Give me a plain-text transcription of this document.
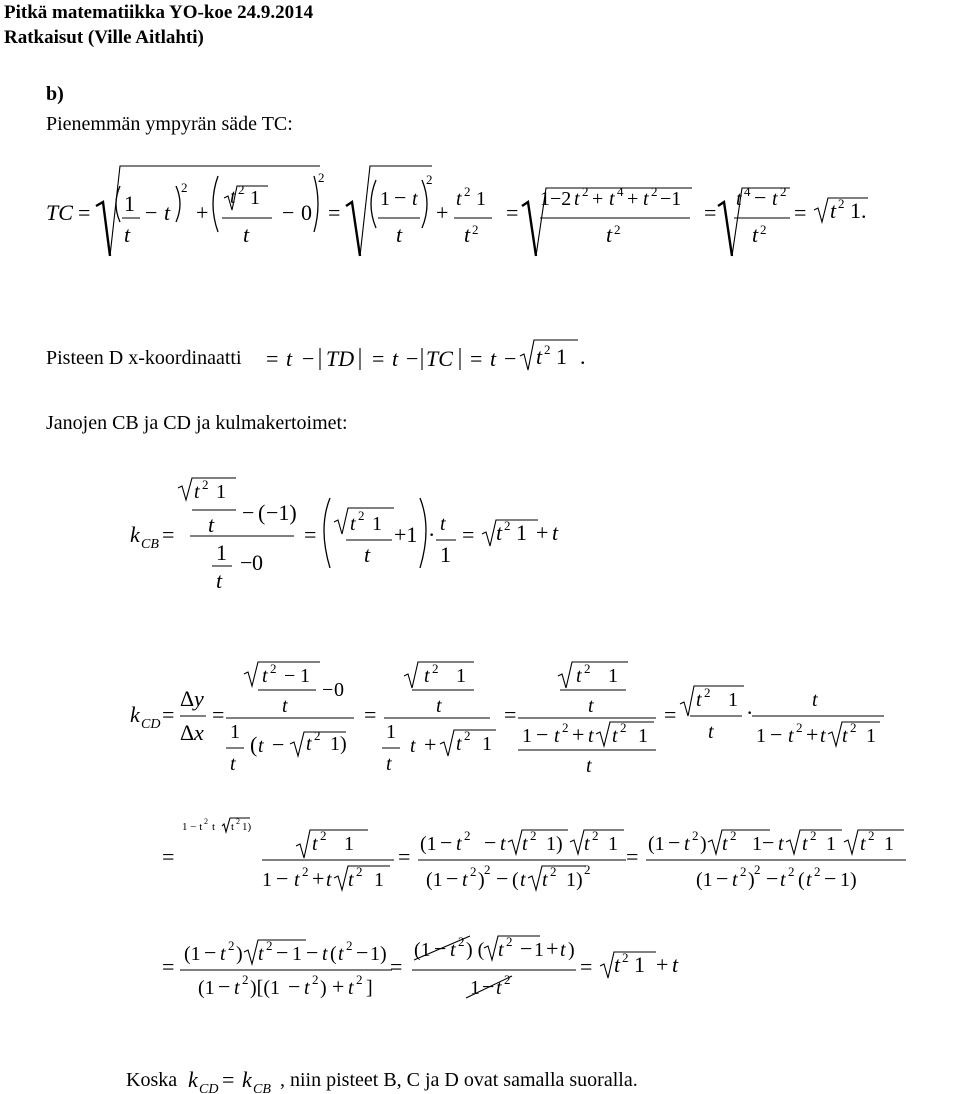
Pitkä matematiikka YO-koe 24.9.2014
Ratkaisut (Ville Aitlahti)
b)
Pienemmän ympyrän säde TC:
Pisteen D x-koordinaatti
Janojen CB ja CD ja kulmakertoimet:
Koska	, niin pisteet B, C ja D ovat samalla suoralla.
TC = 1
t
− t
2
+
t 2 1
t
− 0
2
=
1 − t
t
2
+
t 2 1
t 2
=
1−2 t 2 + t 4 + t 2 −1
t 2
=
t 4 − t 2
t 2
= t 2 1.
= t − TD = t − TC = t − t 2 1 .
k CB =
t 2 1
t − ( −1)
1
t
− 0
= t 2 1
t
+1 · t
1
= t 2 1 + t
k CD =
Δ y
Δ x
=
t 2 − 1
t
− 0
1
t
( t − t 2 1)
=
t 2 1
t
1
t
t + t 2 1
=
t 2 1
t
1 − t 2 + t t 2 1
t
=
t 2 1
t
·	t
1 − t 2 + t t 2 1
=
1 − t 2 t t 2 1)
t 2 1
1 − t 2 + t t 2 1
= (1 − t 2 − t t 2 1) t 2 1
(1 − t 2 ) 2 − ( t t 2 1) 2
= (1 − t 2 ) t 2 1 − t t 2 1 t 2 1
(1 − t 2 ) 2 − t 2 ( t 2 − 1)
= (1 − t 2 ) t 2 − 1 − t ( t 2 − 1)
(1 − t 2 )[(1 − t 2 ) + t 2 ]
=
(1 − t 2 ) ( t 2 − 1 + t )
1 − t 2
= t 2 1 + t
k CD = k CB
